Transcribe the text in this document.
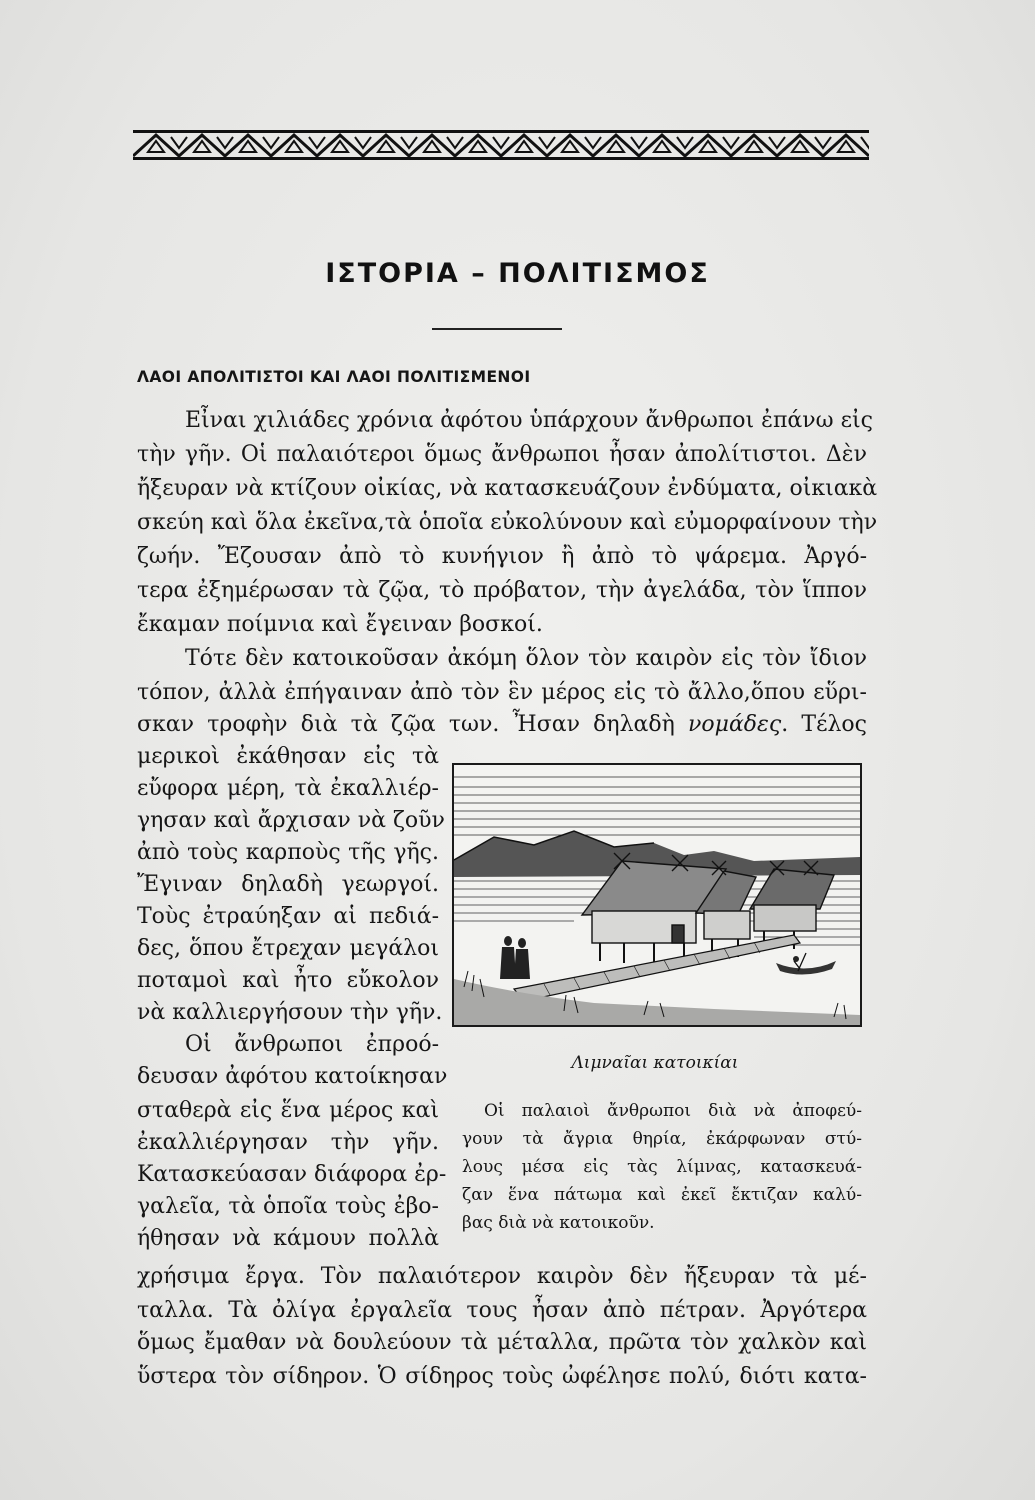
ΙΣΤΟΡΙΑ – ΠΟΛΙΤΙΣΜΟΣ
ΛΑΟΙ ΑΠΟΛΙΤΙΣΤΟΙ ΚΑΙ ΛΑΟΙ ΠΟΛΙΤΙΣΜΕΝΟΙ
Εἶναι χιλιάδες χρόνια ἀφότου ὑπάρχουν ἄνθρωποι ἐπάνω εἰς
τὴν γῆν. Οἱ παλαιότεροι ὅμως ἄνθρωποι ἦσαν ἀπολίτιστοι. Δὲν
ἤξευραν νὰ κτίζουν οἰκίας, νὰ κατασκευάζουν ἐνδύματα, οἰκιακὰ
σκεύη καὶ ὅλα ἐκεῖνα,τὰ ὁποῖα εὐκολύνουν καὶ εὐμορφαίνουν τὴν
ζωήν. Ἔζουσαν ἀπὸ τὸ κυνήγιον ἢ ἀπὸ τὸ ψάρεμα. Ἀργό-
τερα ἐξημέρωσαν τὰ ζῷα, τὸ πρόβατον, τὴν ἀγελάδα, τὸν ἵππον
ἔκαμαν ποίμνια καὶ ἔγειναν βοσκοί.
Τότε δὲν κατοικοῦσαν ἀκόμη ὅλον τὸν καιρὸν εἰς τὸν ἴδιον
τόπον, ἀλλὰ ἐπήγαιναν ἀπὸ τὸν ἓν μέρος εἰς τὸ ἄλλο,ὅπου εὕρι-
σκαν τροφὴν διὰ τὰ ζῷα των. Ἦσαν δηλαδὴ νομάδες. Τέλος
μερικοὶ ἐκάθησαν εἰς τὰ
εὔφορα μέρη, τὰ ἐκαλλιέρ-
γησαν καὶ ἄρχισαν νὰ ζοῦν
ἀπὸ τοὺς καρποὺς τῆς γῆς.
Ἔγιναν δηλαδὴ γεωργοί.
Τοὺς ἐτραύηξαν αἱ πεδιά-
δες, ὅπου ἔτρεχαν μεγάλοι
ποταμοὶ καὶ ἦτο εὔκολον
νὰ καλλιεργήσουν τὴν γῆν.
Οἱ ἄνθρωποι ἐπροό-
δευσαν ἀφότου κατοίκησαν
σταθερὰ εἰς ἕνα μέρος καὶ
ἐκαλλιέργησαν τὴν γῆν.
Κατασκεύασαν διάφορα ἐρ-
γαλεῖα, τὰ ὁποῖα τοὺς ἐβο-
ήθησαν νὰ κάμουν πολλὰ
χρήσιμα ἔργα. Τὸν παλαιότερον καιρὸν δὲν ἤξευραν τὰ μέ-
ταλλα. Τὰ ὀλίγα ἐργαλεῖα τους ἦσαν ἀπὸ πέτραν. Ἀργότερα
ὅμως ἔμαθαν νὰ δουλεύουν τὰ μέταλλα, πρῶτα τὸν χαλκὸν καὶ
ὕστερα τὸν σίδηρον. Ὁ σίδηρος τοὺς ὠφέλησε πολύ, διότι κατα-
Λιμναῖαι κατοικίαι
Οἱ παλαιοὶ ἄνθρωποι διὰ νὰ ἀποφεύ-
γουν τὰ ἄγρια θηρία, ἐκάρφωναν στύ-
λους μέσα εἰς τὰς λίμνας, κατασκευά-
ζαν ἕνα πάτωμα καὶ ἐκεῖ ἔκτιζαν καλύ-
βας διὰ νὰ κατοικοῦν.
